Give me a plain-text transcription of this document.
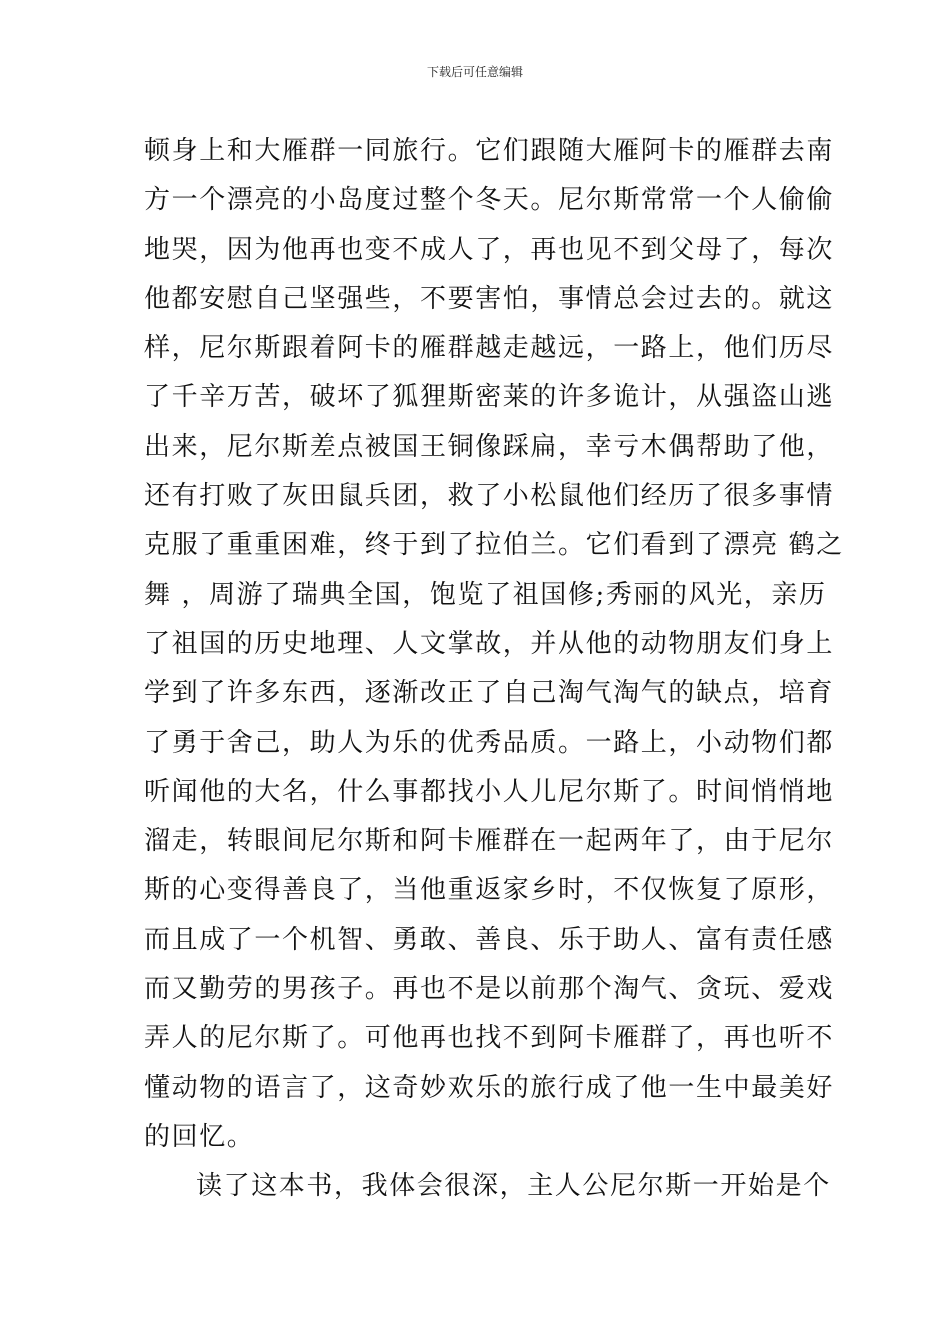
下载后可任意编辑
顿身上和大雁群一同旅行。它们跟随大雁阿卡的雁群去南
方一个漂亮的小岛度过整个冬天。尼尔斯常常一个人偷偷
地哭，因为他再也变不成人了，再也见不到父母了，每次
他都安慰自己坚强些，不要害怕，事情总会过去的。就这
样，尼尔斯跟着阿卡的雁群越走越远，一路上，他们历尽
了千辛万苦，破坏了狐狸斯密莱的许多诡计，从强盗山逃
出来，尼尔斯差点被国王铜像踩扁，幸亏木偶帮助了他，
还有打败了灰田鼠兵团，救了小松鼠他们经历了很多事情
克服了重重困难，终于到了拉伯兰。它们看到了漂亮 鹤之
舞 ，周游了瑞典全国，饱览了祖国修;秀丽的风光，亲历
了祖国的历史地理、人文掌故，并从他的动物朋友们身上
学到了许多东西，逐渐改正了自己淘气淘气的缺点，培育
了勇于舍己，助人为乐的优秀品质。一路上，小动物们都
听闻他的大名，什么事都找小人儿尼尔斯了。时间悄悄地
溜走，转眼间尼尔斯和阿卡雁群在一起两年了，由于尼尔
斯的心变得善良了，当他重返家乡时，不仅恢复了原形，
而且成了一个机智、勇敢、善良、乐于助人、富有责任感
而又勤劳的男孩子。再也不是以前那个淘气、贪玩、爱戏
弄人的尼尔斯了。可他再也找不到阿卡雁群了，再也听不
懂动物的语言了，这奇妙欢乐的旅行成了他一生中最美好
的回忆。
读了这本书，我体会很深，主人公尼尔斯一开始是个
